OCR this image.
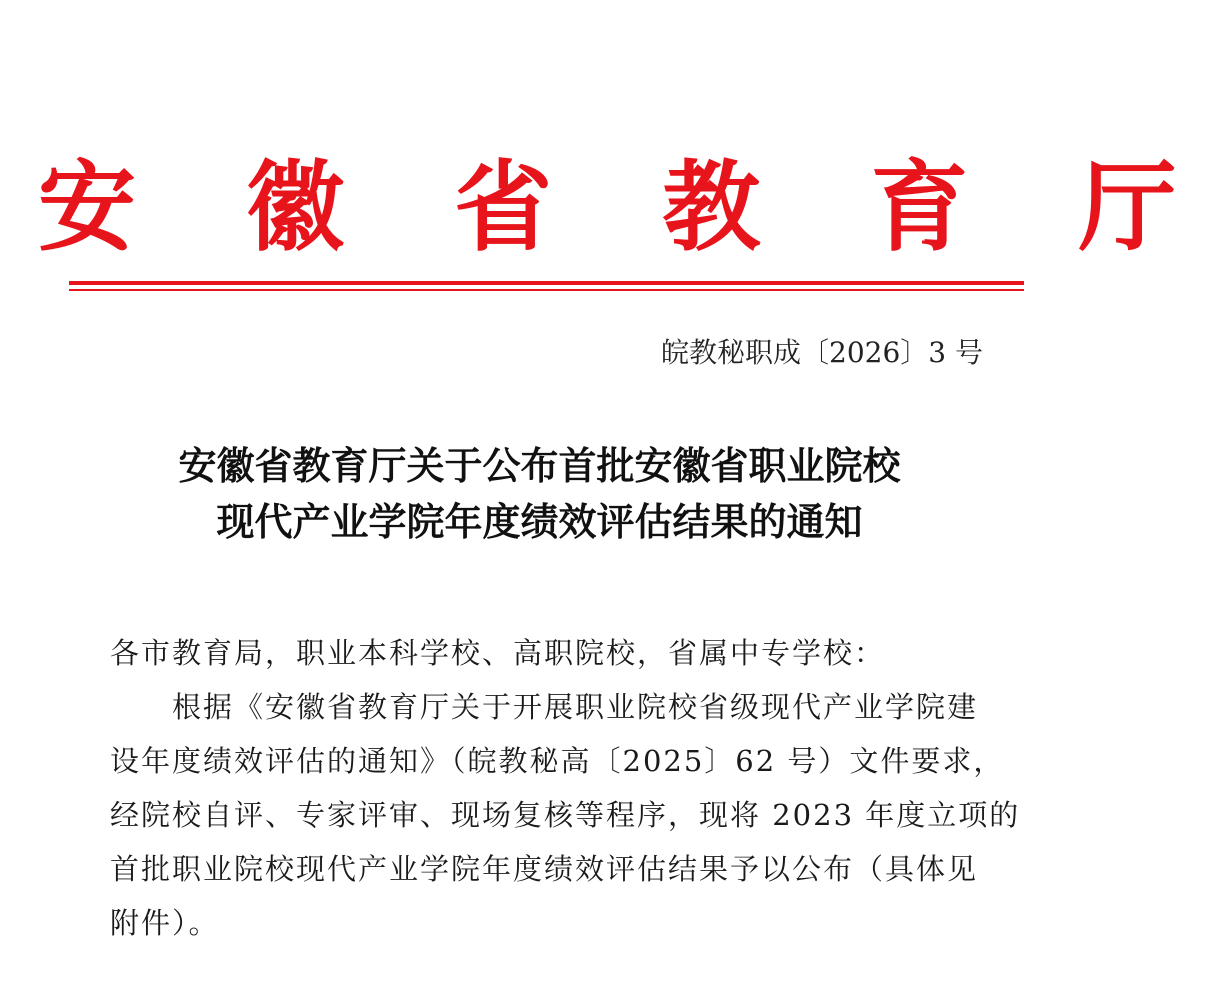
安 徽 省 教 育 厅
皖教秘职成〔2026〕3 号
安徽省教育厅关于公布首批安徽省职业院校
现代产业学院年度绩效评估结果的通知
各市教育局，职业本科学校、高职院校，省属中专学校：
根据《安徽省教育厅关于开展职业院校省级现代产业学院建
设年度绩效评估的通知》（皖教秘高〔2025〕62 号）文件要求，
经院校自评、专家评审、现场复核等程序，现将 2023 年度立项的
首批职业院校现代产业学院年度绩效评估结果予以公布（具体见
附件）。
